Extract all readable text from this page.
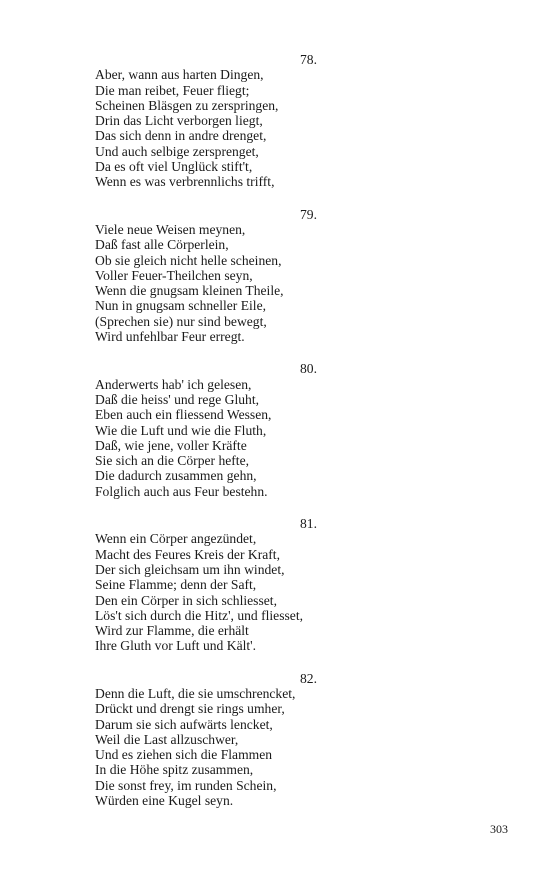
78.
Aber, wann aus harten Dingen,
Die man reibet, Feuer fliegt;
Scheinen Bläsgen zu zerspringen,
Drin das Licht verborgen liegt,
Das sich denn in andre drenget,
Und auch selbige zersprenget,
Da es oft viel Unglück stift't,
Wenn es was verbrennlichs trifft,
79.
Viele neue Weisen meynen,
Daß fast alle Cörperlein,
Ob sie gleich nicht helle scheinen,
Voller Feuer-Theilchen seyn,
Wenn die gnugsam kleinen Theile,
Nun in gnugsam schneller Eile,
(Sprechen sie) nur sind bewegt,
Wird unfehlbar Feur erregt.
80.
Anderwerts hab' ich gelesen,
Daß die heiss' und rege Gluht,
Eben auch ein fliessend Wessen,
Wie die Luft und wie die Fluth,
Daß, wie jene, voller Kräfte
Sie sich an die Cörper hefte,
Die dadurch zusammen gehn,
Folglich auch aus Feur bestehn.
81.
Wenn ein Cörper angezündet,
Macht des Feures Kreis der Kraft,
Der sich gleichsam um ihn windet,
Seine Flamme; denn der Saft,
Den ein Cörper in sich schliesset,
Lös't sich durch die Hitz', und fliesset,
Wird zur Flamme, die erhält
Ihre Gluth vor Luft und Kält'.
82.
Denn die Luft, die sie umschrencket,
Drückt und drengt sie rings umher,
Darum sie sich aufwärts lencket,
Weil die Last allzuschwer,
Und es ziehen sich die Flammen
In die Höhe spitz zusammen,
Die sonst frey, im runden Schein,
Würden eine Kugel seyn.
303
